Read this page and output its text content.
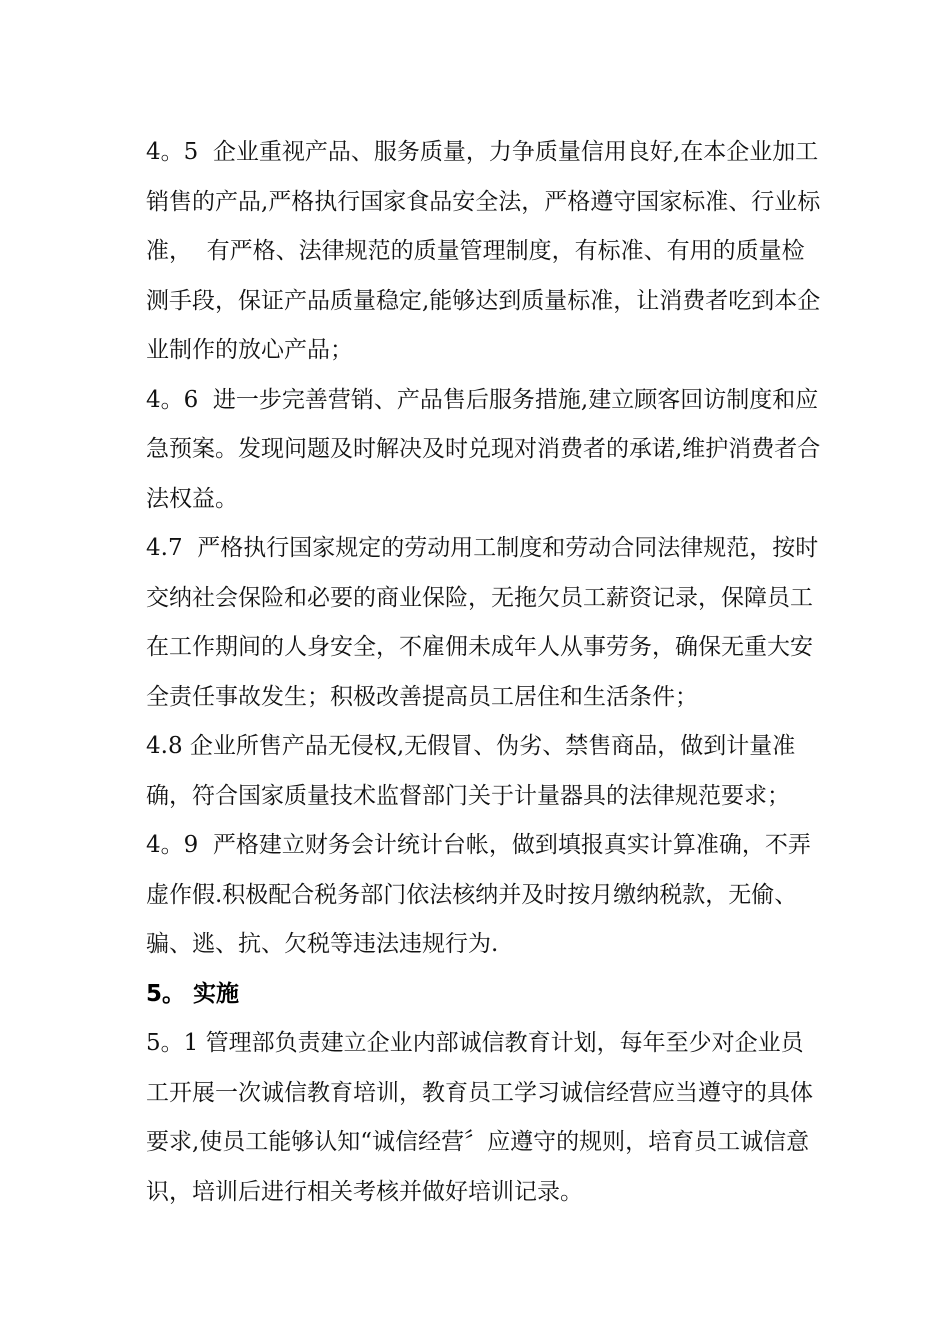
4。5  企业重视产品、服务质量，力争质量信用良好,在本企业加工销售的产品,严格执行国家食品安全法，严格遵守国家标准、行业标准，  有严格、法律规范的质量管理制度，有标准、有用的质量检测手段，保证产品质量稳定,能够达到质量标准，让消费者吃到本企业制作的放心产品；

4。6  进一步完善营销、产品售后服务措施,建立顾客回访制度和应急预案。发现问题及时解决及时兑现对消费者的承诺,维护消费者合法权益。

4.7  严格执行国家规定的劳动用工制度和劳动合同法律规范，按时交纳社会保险和必要的商业保险，无拖欠员工薪资记录，保障员工在工作期间的人身安全，不雇佣未成年人从事劳务，确保无重大安全责任事故发生；积极改善提高员工居住和生活条件；

4.8 企业所售产品无侵权,无假冒、伪劣、禁售商品，做到计量准确，符合国家质量技术监督部门关于计量器具的法律规范要求；

4。9  严格建立财务会计统计台帐，做到填报真实计算准确，不弄虚作假.积极配合税务部门依法核纳并及时按月缴纳税款，无偷、骗、逃、抗、欠税等违法违规行为.

5。 实施

5。1 管理部负责建立企业内部诚信教育计划，每年至少对企业员工开展一次诚信教育培训，教育员工学习诚信经营应当遵守的具体要求,使员工能够认知“诚信经营〞应遵守的规则，培育员工诚信意识，培训后进行相关考核并做好培训记录。
